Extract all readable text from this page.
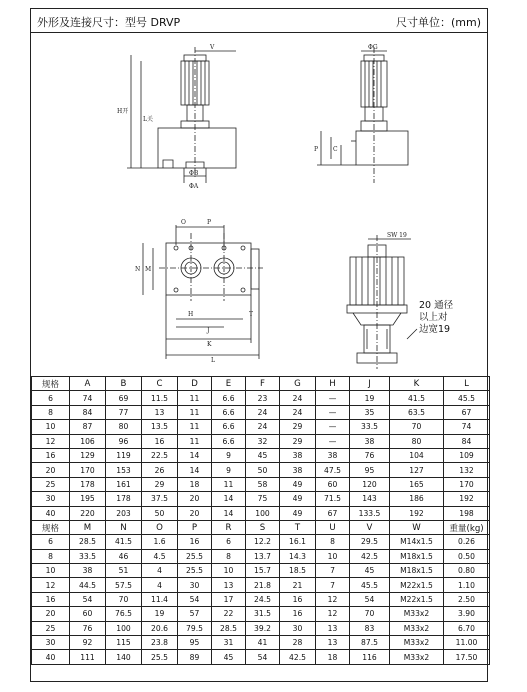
外形及连接尺寸：型号 DRVP	尺寸单位：(mm)
V
H开
L关
ΦB
ΦA
ΦG
P C
O	P
N M
H	T
J
K
L
SW 19
20 通径
以上对
边宽19
规格	A	B	C	D	E	F	G	H	J	K	L
6	74	69	11.5	11	6.6	23	24	—	19	41.5	45.5
8	84	77	13	11	6.6	24	24	—	35	63.5	67
10	87	80	13.5	11	6.6	24	29	—	33.5	70	74
12	106	96	16	11	6.6	32	29	—	38	80	84
16	129	119	22.5	14	9	45	38	38	76	104	109
20	170	153	26	14	9	50	38	47.5	95	127	132
25	178	161	29	18	11	58	49	60	120	165	170
30	195	178	37.5	20	14	75	49	71.5	143	186	192
40	220	203	50	20	14	100	49	67	133.5	192	198
规格	M	N	O	P	R	S	T	U	V	W	重量(kg)
6	28.5	41.5	1.6	16	6	12.2	16.1	8	29.5	M14x1.5	0.26
8	33.5	46	4.5	25.5	8	13.7	14.3	10	42.5	M18x1.5	0.50
10	38	51	4	25.5	10	15.7	18.5	7	45	M18x1.5	0.80
12	44.5	57.5	4	30	13	21.8	21	7	45.5	M22x1.5	1.10
16	54	70	11.4	54	17	24.5	16	12	54	M22x1.5	2.50
20	60	76.5	19	57	22	31.5	16	12	70	M33x2	3.90
25	76	100	20.6	79.5	28.5	39.2	30	13	83	M33x2	6.70
30	92	115	23.8	95	31	41	28	13	87.5	M33x2	11.00
40	111	140	25.5	89	45	54	42.5	18	116	M33x2	17.50
